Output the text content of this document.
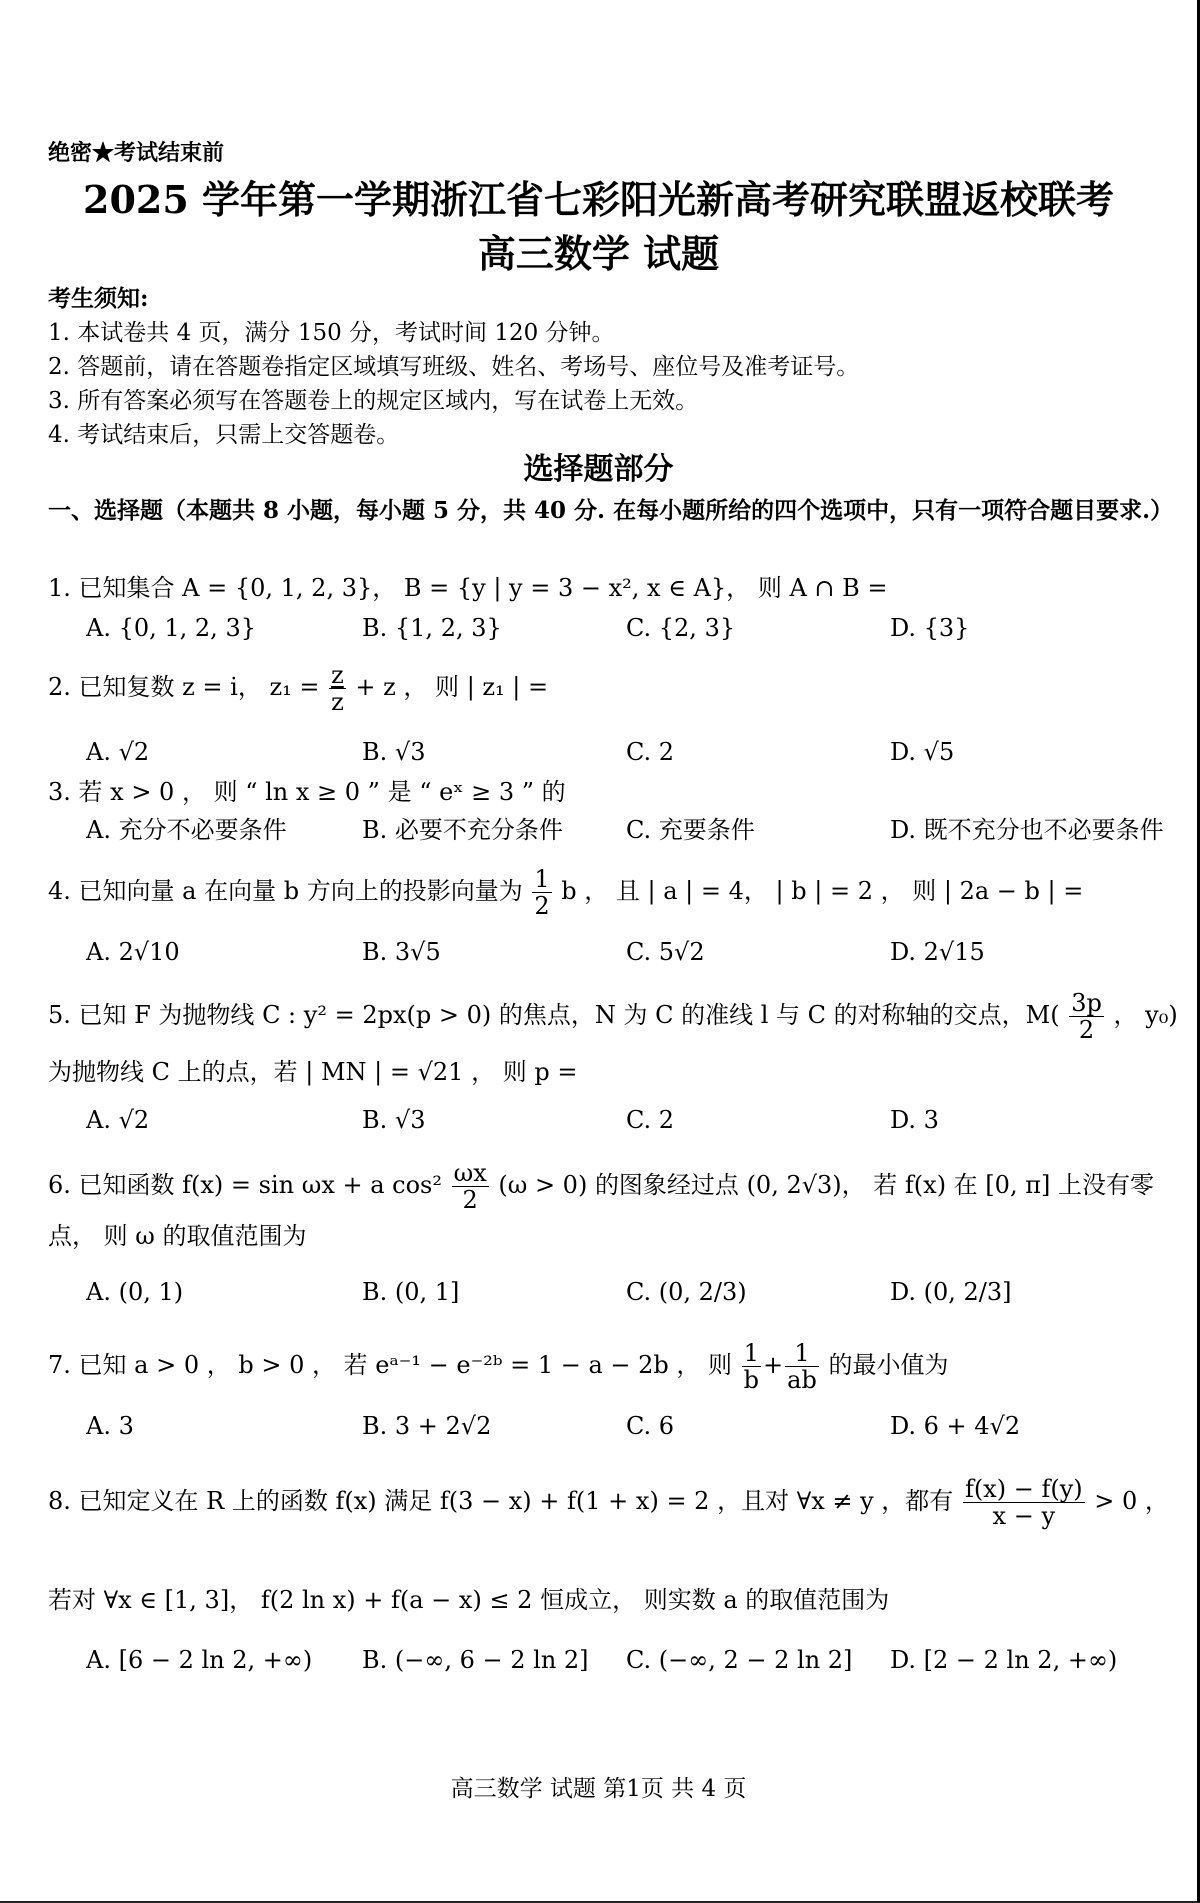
绝密★考试结束前
2025 学年第一学期浙江省七彩阳光新高考研究联盟返校联考
高三数学 试题
考生须知:
1. 本试卷共 4 页，满分 150 分，考试时间 120 分钟。
2. 答题前，请在答题卷指定区域填写班级、姓名、考场号、座位号及准考证号。
3. 所有答案必须写在答题卷上的规定区域内，写在试卷上无效。
4. 考试结束后，只需上交答题卷。
选择题部分
一、选择题（本题共 8 小题，每小题 5 分，共 40 分. 在每小题所给的四个选项中，只有一项符合题目要求.）
1. 已知集合 A = {0, 1, 2, 3}， B = {y | y = 3 − x², x ∈ A}， 则 A ∩ B =
A. {0, 1, 2, 3}	B. {1, 2, 3}	C. {2, 3}	D. {3}
2. 已知复数 z = i， $z_1 = \frac{z}{z} + z$ ， 则 | z₁ | =
A. √2	B. √3	C. 2	D. √5
3. 若 x > 0 ， 则 “ ln x ≥ 0 ” 是 “ eˣ ≥ 3 ” 的
A. 充分不必要条件	B. 必要不充分条件	C. 充要条件	D. 既不充分也不必要条件
4. 已知向量 a 在向量 b 方向上的投影向量为 $\frac{1}{2}$ b ， 且 | a | = 4， | b | = 2 ， 则 | 2a − b | =
A. 2√10	B. 3√5	C. 5√2	D. 2√15
5. 已知 F 为抛物线 C : y² = 2px(p > 0) 的焦点，N 为 C 的准线 l 与 C 的对称轴的交点，$M( \frac{3p}{2}$ ， y₀)
为抛物线 C 上的点，若 | MN | = √21 ， 则 p =
A. √2	B. √3	C. 2	D. 3
6. 已知函数 f(x) = sin ωx + a $\cos^2 \frac{\omega x}{2} (\omega > 0)$ 的图象经过点 (0, 2√3)， 若 f(x) 在 [0, π] 上没有零
点， 则 ω 的取值范围为
A. (0, 1)	B. (0, 1]	C. (0, 2/3)	D. (0, 2/3]
7. 已知 a > 0 ， b > 0 ， 若 eᵃ⁻¹ − e⁻²ᵇ = 1 − a − 2b ， 则 $\frac{1}{b} + \frac{1}{ab}$ 的最小值为
A. 3	B. 3 + 2√2	C. 6	D. 6 + 4√2
8. 已知定义在 R 上的函数 f(x) 满足 f(3 − x) + f(1 + x) = 2 ，且对 ∀x ≠ y ，都有 $\frac{f(x) - f(y)}{x - y} > 0$ ，
若对 ∀x ∈ [1, 3]， f(2 ln x) + f(a − x) ≤ 2 恒成立， 则实数 a 的取值范围为
A. [6 − 2 ln 2, +∞) B. (−∞, 6 − 2 ln 2] C. (−∞, 2 − 2 ln 2] D. [2 − 2 ln 2, +∞)
高三数学 试题 第1页 共 4 页
